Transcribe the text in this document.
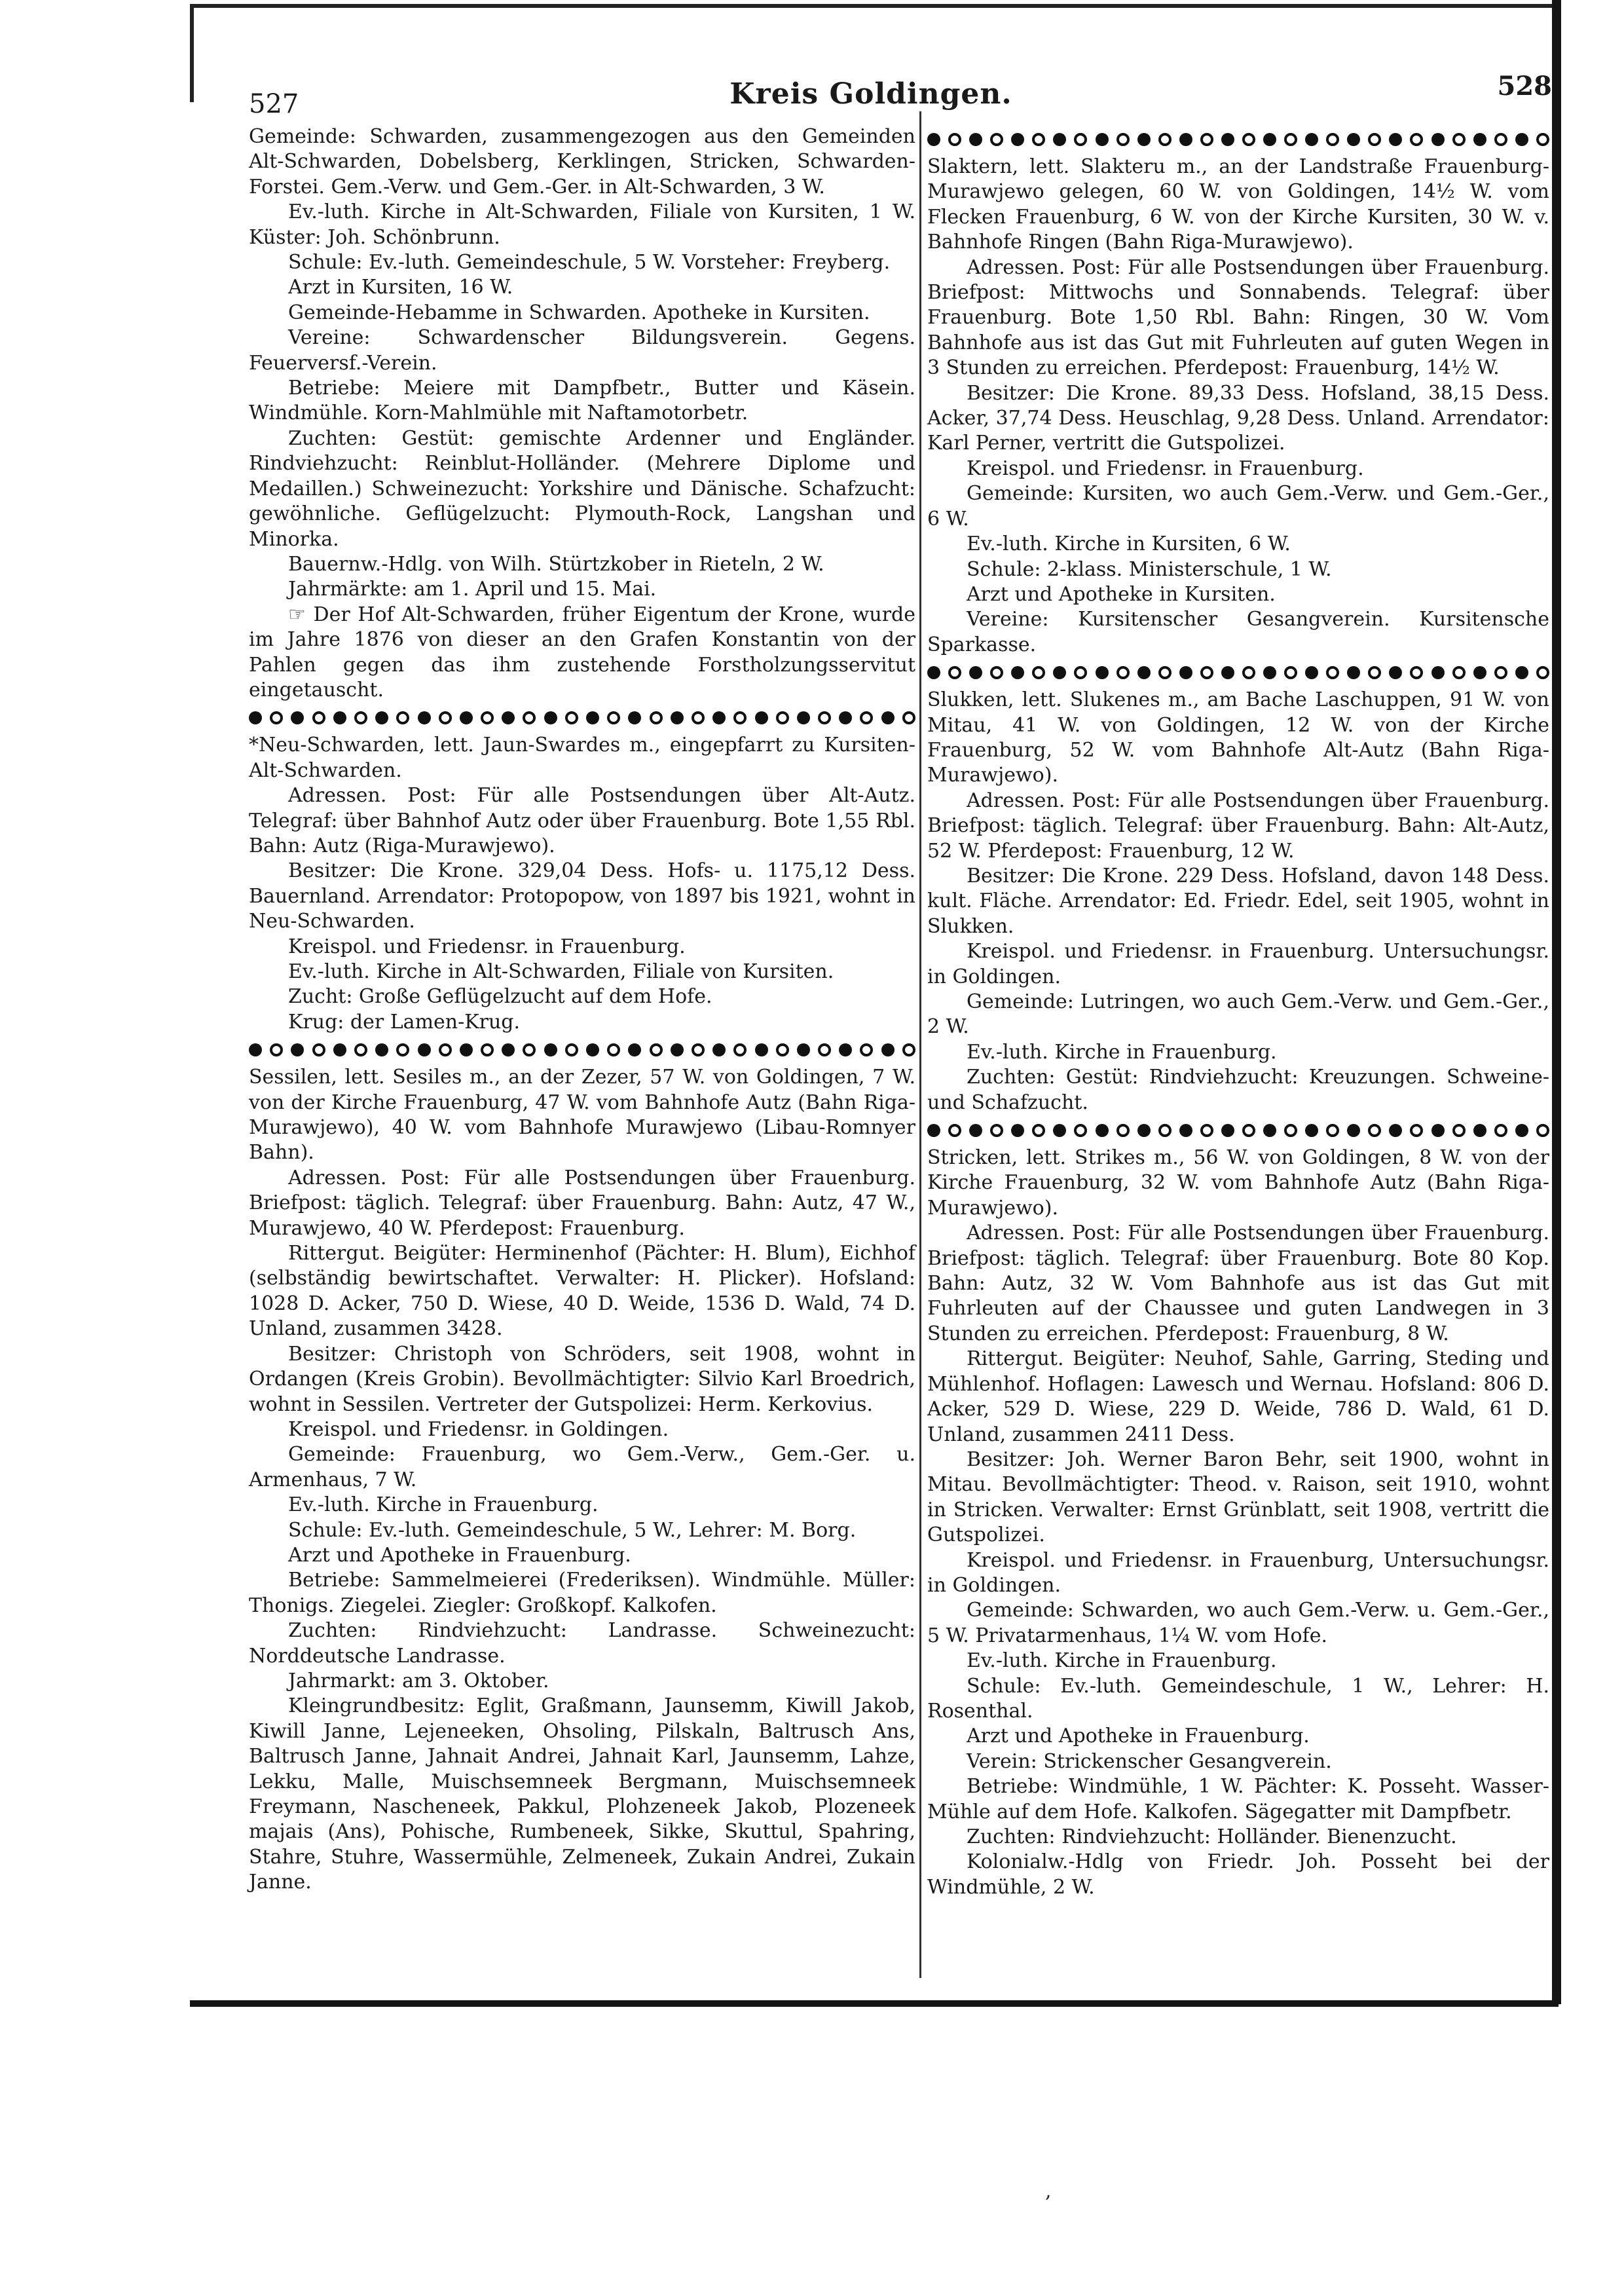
527	Kreis Goldingen.	528

Gemeinde: Schwarden, zusammengezogen aus den Gemeinden Alt-Schwarden, Dobelsberg, Kerklingen, Stricken, Schwarden-Forstei. Gem.-Verw. und Gem.-Ger. in Alt-Schwarden, 3 W.

Ev.-luth. Kirche in Alt-Schwarden, Filiale von Kursiten, 1 W. Küster: Joh. Schönbrunn.

Schule: Ev.-luth. Gemeindeschule, 5 W. Vorsteher: Freyberg.

Arzt in Kursiten, 16 W.

Gemeinde-Hebamme in Schwarden. Apotheke in Kursiten.

Vereine: Schwardenscher Bildungsverein. Gegens. Feuerversf.-Verein.

Betriebe: Meiere mit Dampfbetr., Butter und Käsein. Windmühle. Korn-Mahlmühle mit Naftamotorbetr.

Zuchten: Gestüt: gemischte Ardenner und Engländer. Rindviehzucht: Reinblut-Holländer. (Mehrere Diplome und Medaillen.) Schweinezucht: Yorkshire und Dänische. Schafzucht: gewöhnliche. Geflügelzucht: Plymouth-Rock, Langshan und Minorka.

Bauernw.-Hdlg. von Wilh. Stürtzkober in Rieteln, 2 W.

Jahrmärkte: am 1. April und 15. Mai.

☞ Der Hof Alt-Schwarden, früher Eigentum der Krone, wurde im Jahre 1876 von dieser an den Grafen Konstantin von der Pahlen gegen das ihm zustehende Forstholzungsservitut eingetauscht.

*Neu-Schwarden, lett. Jaun-Swardes m., eingepfarrt zu Kursiten-Alt-Schwarden.

Adressen. Post: Für alle Postsendungen über Alt-Autz. Telegraf: über Bahnhof Autz oder über Frauenburg. Bote 1,55 Rbl. Bahn: Autz (Riga-Murawjewo).

Besitzer: Die Krone. 329,04 Dess. Hofs- u. 1175,12 Dess. Bauernland. Arrendator: Protopopow, von 1897 bis 1921, wohnt in Neu-Schwarden.

Kreispol. und Friedensr. in Frauenburg.

Ev.-luth. Kirche in Alt-Schwarden, Filiale von Kursiten.

Zucht: Große Geflügelzucht auf dem Hofe.

Krug: der Lamen-Krug.

Sessilen, lett. Sesiles m., an der Zezer, 57 W. von Goldingen, 7 W. von der Kirche Frauenburg, 47 W. vom Bahnhofe Autz (Bahn Riga-Murawjewo), 40 W. vom Bahnhofe Murawjewo (Libau-Romnyer Bahn).

Adressen. Post: Für alle Postsendungen über Frauenburg. Briefpost: täglich. Telegraf: über Frauenburg. Bahn: Autz, 47 W., Murawjewo, 40 W. Pferdepost: Frauenburg.

Rittergut. Beigüter: Herminenhof (Pächter: H. Blum), Eichhof (selbständig bewirtschaftet. Verwalter: H. Plicker). Hofsland: 1028 D. Acker, 750 D. Wiese, 40 D. Weide, 1536 D. Wald, 74 D. Unland, zusammen 3428.

Besitzer: Christoph von Schröders, seit 1908, wohnt in Ordangen (Kreis Grobin). Bevollmächtigter: Silvio Karl Broedrich, wohnt in Sessilen. Vertreter der Gutspolizei: Herm. Kerkovius.

Kreispol. und Friedensr. in Goldingen.

Gemeinde: Frauenburg, wo Gem.-Verw., Gem.-Ger. u. Armenhaus, 7 W.

Ev.-luth. Kirche in Frauenburg.

Schule: Ev.-luth. Gemeindeschule, 5 W., Lehrer: M. Borg.

Arzt und Apotheke in Frauenburg.

Betriebe: Sammelmeierei (Frederiksen). Windmühle. Müller: Thonigs. Ziegelei. Ziegler: Großkopf. Kalkofen.

Zuchten: Rindviehzucht: Landrasse. Schweinezucht: Norddeutsche Landrasse.

Jahrmarkt: am 3. Oktober.

Kleingrundbesitz: Eglit, Graßmann, Jaunsemm, Kiwill Jakob, Kiwill Janne, Lejeneeken, Ohsoling, Pilskaln, Baltrusch Ans, Baltrusch Janne, Jahnait Andrei, Jahnait Karl, Jaunsemm, Lahze, Lekku, Malle, Muischsemneek Bergmann, Muischsemneek Freymann, Nascheneek, Pakkul, Plohzeneek Jakob, Plozeneek majais (Ans), Pohische, Rumbeneek, Sikke, Skuttul, Spahring, Stahre, Stuhre, Wassermühle, Zelmeneek, Zukain Andrei, Zukain Janne.

Slaktern, lett. Slakteru m., an der Landstraße Frauenburg-Murawjewo gelegen, 60 W. von Goldingen, 14½ W. vom Flecken Frauenburg, 6 W. von der Kirche Kursiten, 30 W. v. Bahnhofe Ringen (Bahn Riga-Murawjewo).

Adressen. Post: Für alle Postsendungen über Frauenburg. Briefpost: Mittwochs und Sonnabends. Telegraf: über Frauenburg. Bote 1,50 Rbl. Bahn: Ringen, 30 W. Vom Bahnhofe aus ist das Gut mit Fuhrleuten auf guten Wegen in 3 Stunden zu erreichen. Pferdepost: Frauenburg, 14½ W.

Besitzer: Die Krone. 89,33 Dess. Hofsland, 38,15 Dess. Acker, 37,74 Dess. Heuschlag, 9,28 Dess. Unland. Arrendator: Karl Perner, vertritt die Gutspolizei.

Kreispol. und Friedensr. in Frauenburg.

Gemeinde: Kursiten, wo auch Gem.-Verw. und Gem.-Ger., 6 W.

Ev.-luth. Kirche in Kursiten, 6 W.

Schule: 2-klass. Ministerschule, 1 W.

Arzt und Apotheke in Kursiten.

Vereine: Kursitenscher Gesangverein. Kursitensche Sparkasse.

Slukken, lett. Slukenes m., am Bache Laschuppen, 91 W. von Mitau, 41 W. von Goldingen, 12 W. von der Kirche Frauenburg, 52 W. vom Bahnhofe Alt-Autz (Bahn Riga-Murawjewo).

Adressen. Post: Für alle Postsendungen über Frauenburg. Briefpost: täglich. Telegraf: über Frauenburg. Bahn: Alt-Autz, 52 W. Pferdepost: Frauenburg, 12 W.

Besitzer: Die Krone. 229 Dess. Hofsland, davon 148 Dess. kult. Fläche. Arrendator: Ed. Friedr. Edel, seit 1905, wohnt in Slukken.

Kreispol. und Friedensr. in Frauenburg. Untersuchungsr. in Goldingen.

Gemeinde: Lutringen, wo auch Gem.-Verw. und Gem.-Ger., 2 W.

Ev.-luth. Kirche in Frauenburg.

Zuchten: Gestüt: Rindviehzucht: Kreuzungen. Schweine- und Schafzucht.

Stricken, lett. Strikes m., 56 W. von Goldingen, 8 W. von der Kirche Frauenburg, 32 W. vom Bahnhofe Autz (Bahn Riga-Murawjewo).

Adressen. Post: Für alle Postsendungen über Frauenburg. Briefpost: täglich. Telegraf: über Frauenburg. Bote 80 Kop. Bahn: Autz, 32 W. Vom Bahnhofe aus ist das Gut mit Fuhrleuten auf der Chaussee und guten Landwegen in 3 Stunden zu erreichen. Pferdepost: Frauenburg, 8 W.

Rittergut. Beigüter: Neuhof, Sahle, Garring, Steding und Mühlenhof. Hoflagen: Lawesch und Wernau. Hofsland: 806 D. Acker, 529 D. Wiese, 229 D. Weide, 786 D. Wald, 61 D. Unland, zusammen 2411 Dess.

Besitzer: Joh. Werner Baron Behr, seit 1900, wohnt in Mitau. Bevollmächtigter: Theod. v. Raison, seit 1910, wohnt in Stricken. Verwalter: Ernst Grünblatt, seit 1908, vertritt die Gutspolizei.

Kreispol. und Friedensr. in Frauenburg, Untersuchungsr. in Goldingen.

Gemeinde: Schwarden, wo auch Gem.-Verw. u. Gem.-Ger., 5 W. Privatarmenhaus, 1¼ W. vom Hofe.

Ev.-luth. Kirche in Frauenburg.

Schule: Ev.-luth. Gemeindeschule, 1 W., Lehrer: H. Rosenthal.

Arzt und Apotheke in Frauenburg.

Verein: Strickenscher Gesangverein.

Betriebe: Windmühle, 1 W. Pächter: K. Posseht. Wasser-Mühle auf dem Hofe. Kalkofen. Sägegatter mit Dampfbetr.

Zuchten: Rindviehzucht: Holländer. Bienenzucht.

Kolonialw.-Hdlg von Friedr. Joh. Posseht bei der Windmühle, 2 W.

,
